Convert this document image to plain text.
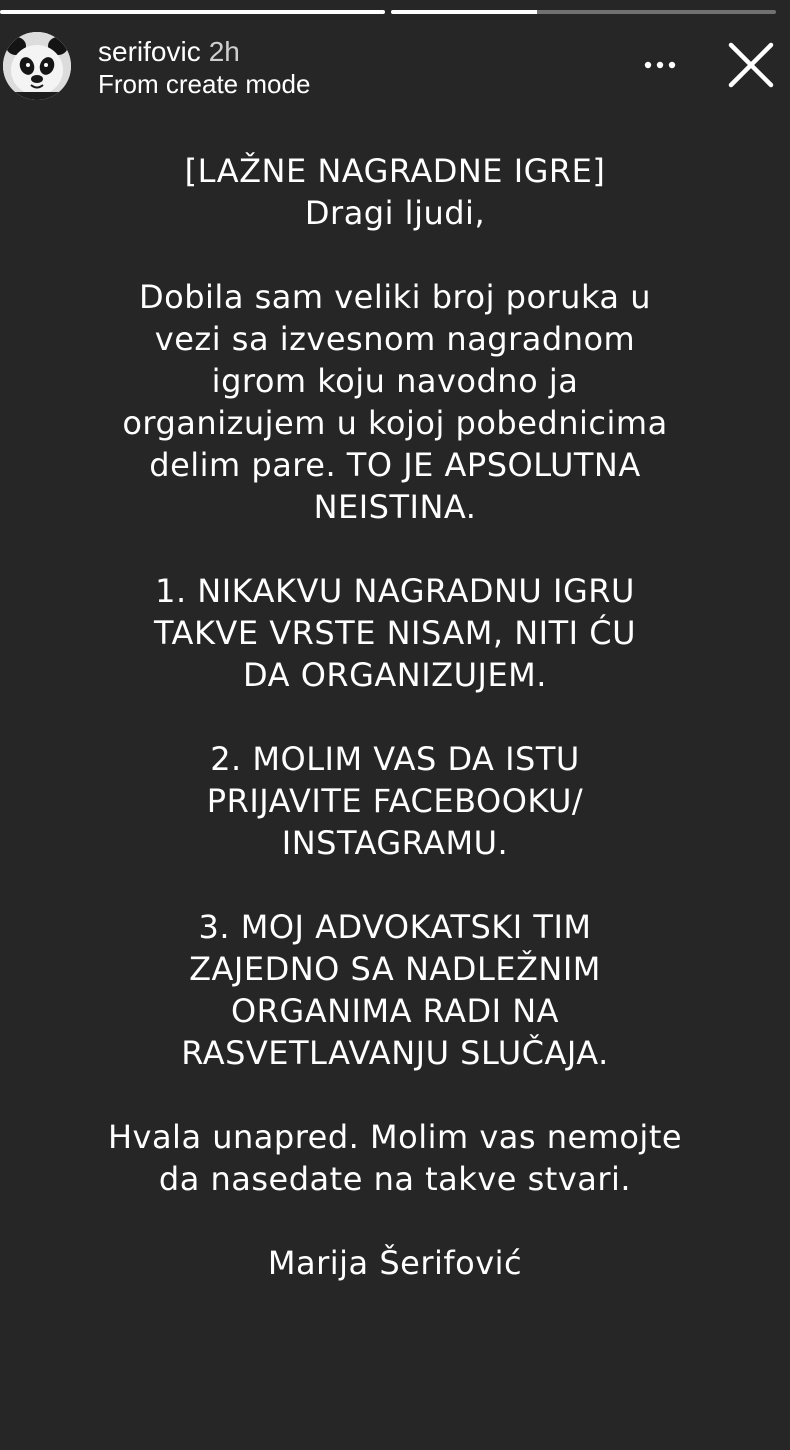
serifovic 2h
From create mode
[LAŽNE NAGRADNE IGRE]
Dragi ljudi,
Dobila sam veliki broj poruka u
vezi sa izvesnom nagradnom
igrom koju navodno ja
organizujem u kojoj pobednicima
delim pare. TO JE APSOLUTNA
NEISTINA.
1. NIKAKVU NAGRADNU IGRU
TAKVE VRSTE NISAM, NITI ĆU
DA ORGANIZUJEM.
2. MOLIM VAS DA ISTU
PRIJAVITE FACEBOOKU/
INSTAGRAMU.
3. MOJ ADVOKATSKI TIM
ZAJEDNO SA NADLEŽNIM
ORGANIMA RADI NA
RASVETLAVANJU SLUČAJA.
Hvala unapred. Molim vas nemojte
da nasedate na takve stvari.
Marija Šerifović
